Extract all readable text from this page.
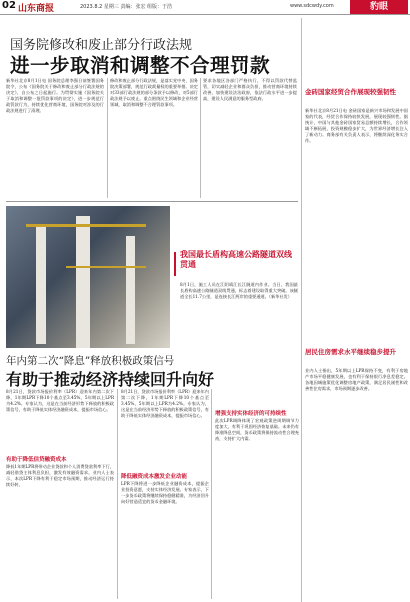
02 山东商报	2023.8.2 星期三 责编：张宏 组版：于浩	www.sdcwdy.com	豹眼
国务院修改和废止部分行政法规
进一步取消和调整不合理罚款
新华社北京8月1日电 国务院总理李强日前签署国务院令，公布《国务院关于修改和废止部分行政法规的决定》，自公布之日起施行。为贯彻实施《国务院关于取消和调整一批罚款事项的决定》，进一步规范行政罚款行为，持续优化营商环境，国务院对涉及的行政法规进行了清理。
修改和废止部分行政法规，是落实党中央、国务院决策部署，规范行政裁量权的重要举措。决定对33部行政法规的部分条款予以修改，对5部行政法规予以废止。重点围绕民生领域和企业经营领域，取消和调整不合理罚款事项。
要求各地区各部门严格执行，不得以罚款代替监管，切实减轻企业和群众负担，推动营商环境持续改善，加快建设法治政府，依法行政水平进一步提高，建设人民满意的服务型政府。
金砖国家经贸合作展现较强韧性
新华社北京8月21日电 金砖国家是新兴市场和发展中国家的代表，经贸合作保持较快发展，展现较强韧性。据统计，中国与其他金砖国家贸易总额持续增长，合作领域不断拓展，投资规模稳步扩大，为世界经济增长注入了新动力。商务部有关负责人表示，将继续深化务实合作。
我国最长盾构高速公路隧道双线贯通
8月1日，施工人员在江阴靖江长江隧道内作业。当日，我国最长盾构高速公路隧道双线贯通，标志着建设取得重大突破。该隧道全长11.7公里，是连接长江两岸的重要通道。（新华社发）
年内第二次“降息”释放积极政策信号
有助于推动经济持续回升向好
8月21日，贷款市场报价利率（LPR）迎来年内第二次下降，1年期LPR下降10个基点至3.45%，5年期以上LPR为4.2%。专家认为，这是在当前经济形势下释放的积极政策信号，有助于降低实体经济融资成本，提振市场信心。
有助于降低信贷融资成本
降低1年期LPR将带动企业贷款和个人消费贷款利率下行，减轻借贷主体利息负担，激发有效融资需求。业内人士表示，本次LPR下降有利于稳定市场预期，推动经济运行持续好转。
降低融资成本激发企业动能
8月21日，贷款市场报价利率（LPR）迎来年内第二次下降，1年期LPR下降10个基点至3.45%，5年期以上LPR为4.2%。专家认为，这是在当前经济形势下释放的积极政策信号，有助于降低实体经济融资成本，提振市场信心。
LPR下降将进一步降低企业融资成本，提振企业投资意愿，支持实体经济发展。专家表示，下一步货币政策将继续保持稳健精准，为经济回升向好营造适宜的货币金融环境。
增强支持实体经济的可持续性
此次LPR调降体现了宏观政策逆周期调节力度加大，有利于巩固经济恢复基础。未来仍有降准降息空间，货币政策将保持流动性合理充裕，支持扩大内需。
居民住房需求水平继续稳步提升
业内人士指出，5年期以上LPR保持不变，有利于房地产市场平稳健康发展，也有利于保持银行净息差稳定。各地因城施策优化调整房地产政策，满足居民刚性和改善性住房需求，市场预期逐步改善。
